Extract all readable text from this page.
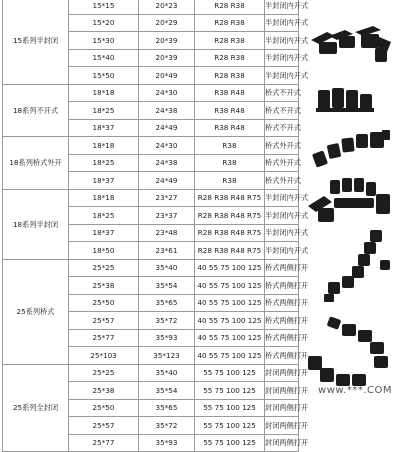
15系列半封闭	15*15	20*23	R28 R38	半封闭内开式	
	15*20	20*29	R28 R38	半封闭内开式	
	15*30	20*39	R28 R38	半封闭内开式	
	15*40	20*39	R28 R38	半封闭内开式	
	15*50	20*49	R28 R38	半封闭内开式	
18系列不开式	18*18	24*30	R38 R48	桥式不开式	
	18*25	24*38	R38 R48	桥式不开式	
	18*37	24*49	R38 R48	桥式不开式	
18系列桥式外开	18*18	24*30	R38	桥式外开式	
	18*25	24*38	R38	桥式外开式	
	18*37	24*49	R38	桥式外开式	
18系列半封闭	18*18	23*27	R28 R38 R48 R75	半封闭内开式	
	18*25	23*37	R28 R38 R48 R75	半封闭内开式	
	18*37	23*48	R28 R38 R48 R75	半封闭内开式	
	18*50	23*61	R28 R38 R48 R75	半封闭内开式	
25系列桥式	25*25	35*40	40 55 75 100 125	桥式两侧打开	
	25*38	35*54	40 55 75 100 125	桥式两侧打开	
	25*50	35*65	40 55 75 100 125	桥式两侧打开	
	25*57	35*72	40 55 75 100 125	桥式两侧打开	
	25*77	35*93	40 55 75 100 125	桥式两侧打开	
	25*103	35*123	40 55 75 100 125	桥式两侧打开	
25系列全封闭	25*25	35*40	55 75 100 125	封闭两侧打开	
	25*38	35*54	55 75 100 125	封闭两侧打开	
	25*50	35*65	55 75 100 125	封闭两侧打开	
	25*57	35*72	55 75 100 125	封闭两侧打开	
	25*77	35*93	55 75 100 125	封闭两侧打开	
www.***.COM
